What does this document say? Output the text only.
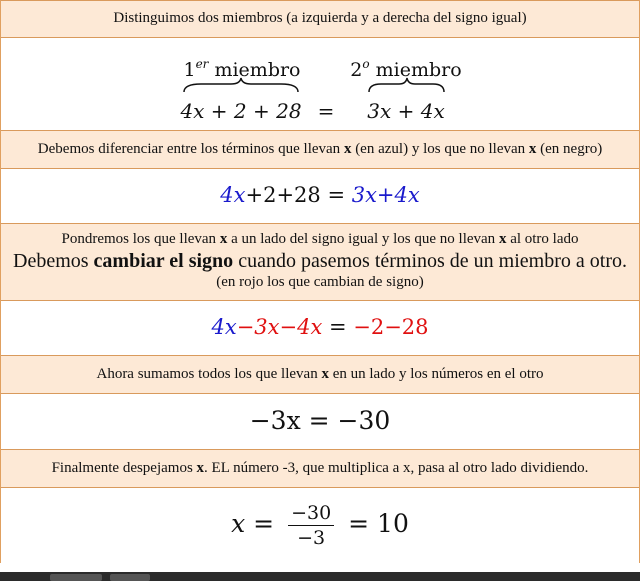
Distinguimos dos miembros (a izquierda y a derecha del signo igual)
1er miembro	2$^o$ miembro
4x + 2 + 28 = 3x + 4x
Debemos diferenciar entre los términos que llevan x (en azul) y los que no llevan x (en negro)
4x+2+28 = 3x+4x
Pondremos los que llevan x a un lado del signo igual y los que no llevan x al otro lado
Debemos cambiar el signo cuando pasemos términos de un miembro a otro.
(en rojo los que cambian de signo)
4x−3x−4x = −2−28
Ahora sumamos todos los que llevan x en un lado y los números en el otro
−3x = −30
Finalmente despejamos x. EL número -3, que multiplica a x, pasa al otro lado dividiendo.
$x = \frac{-30}{-3} = 10$
